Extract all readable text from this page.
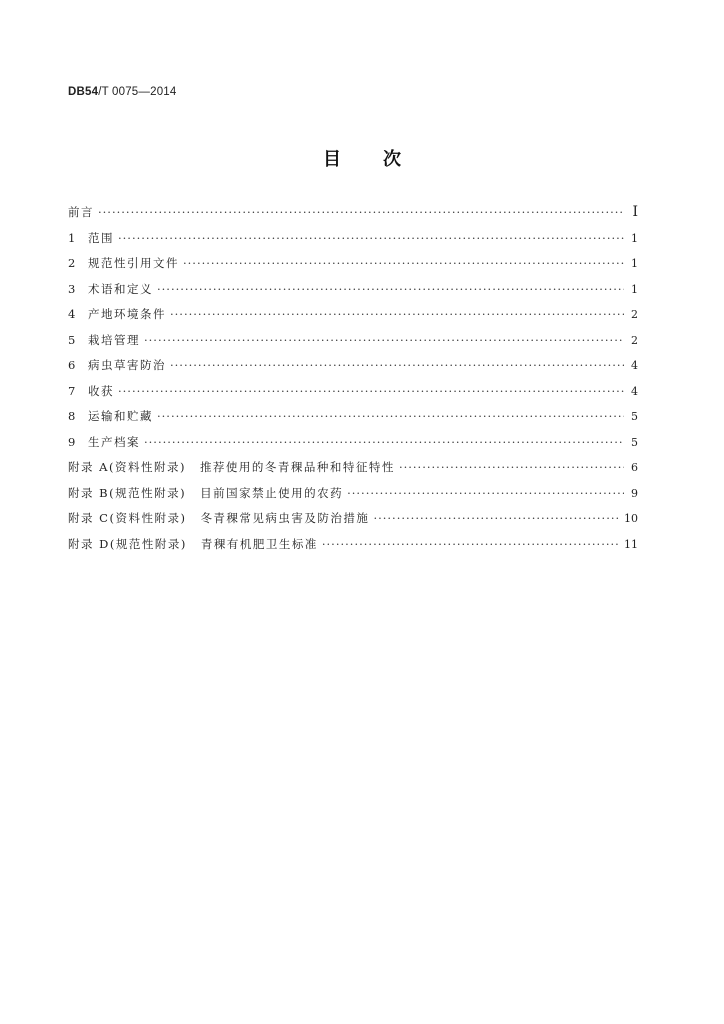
DB54/T 0075—2014
目次
前言 ·····	Ⅰ
1	范围 ·····	1
2	规范性引用文件 ·····	1
3	术语和定义 ·····	1
4	产地环境条件 ·····	2
5	栽培管理 ·····	2
6	病虫草害防治 ·····	4
7	收获 ·····	4
8	运输和贮藏 ·····	5
9	生产档案 ·····	5
附录 A(资料性附录) 推荐使用的冬青稞品种和特征特性 ·····	6
附录 B(规范性附录) 目前国家禁止使用的农药 ·····	9
附录 C(资料性附录) 冬青稞常见病虫害及防治措施 ·····	10
附录 D(规范性附录) 青稞有机肥卫生标准 ·····	11
